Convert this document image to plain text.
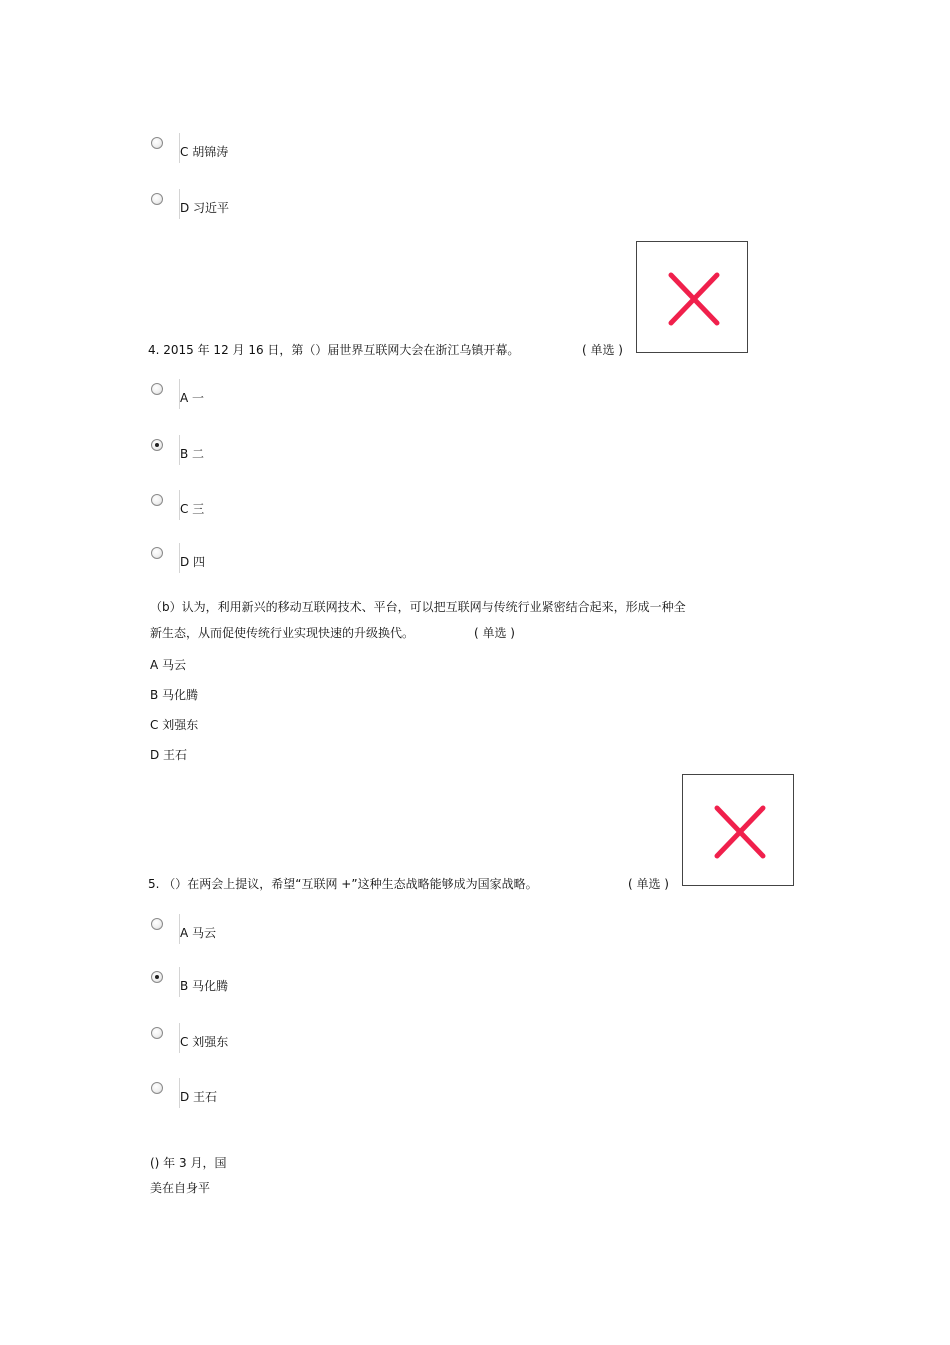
C 胡锦涛
D 习近平
4. 2015 年 12 月 16 日，第（）届世界互联网大会在浙江乌镇开幕。	( 单选 )
A 一
B 二
C 三
D 四
（b）认为，利用新兴的移动互联网技术、平台，可以把互联网与传统行业紧密结合起来，形成一种全
新生态，从而促使传统行业实现快速的升级换代。	( 单选 )
A 马云
B 马化腾
C 刘强东
D 王石
5. （）在两会上提议，希望“互联网 +”这种生态战略能够成为国家战略。	( 单选 )
A 马云
B 马化腾
C 刘强东
D 王石
() 年 3 月，国
美在自身平
